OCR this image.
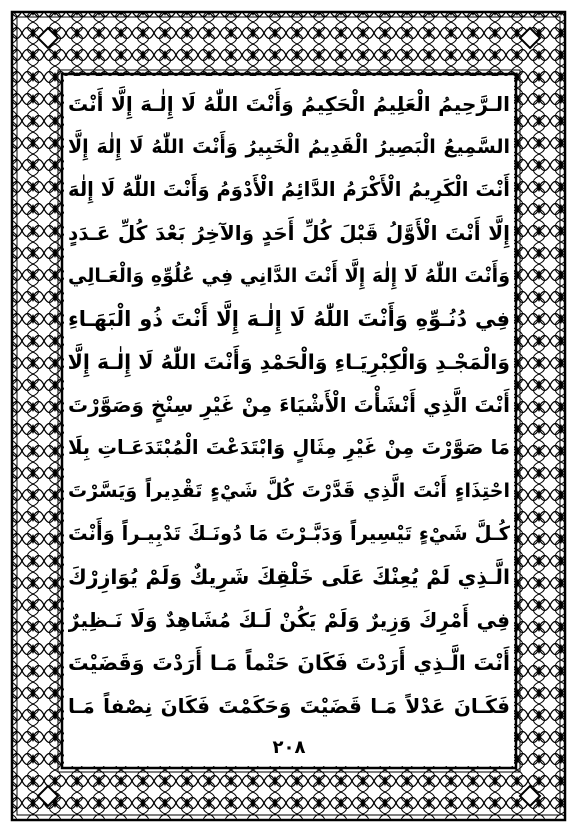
الـرَّحِيمُ الْعَلِيمُ الْحَكِيمُ وَأَنْتَ اللّٰهُ لَا إِلٰـهَ إِلَّا أَنْتَ
السَّمِيعُ الْبَصِيرُ الْقَدِيمُ الْخَبِيرُ وَأَنْتَ اللّٰهُ لَا إِلٰهَ إِلَّا
أَنْتَ الْكَرِيمُ الْأَكْرَمُ الدَّائِمُ الْأَدْوَمُ وَأَنْتَ اللّٰهُ لَا إِلٰهَ
إِلَّا أَنْتَ الْأَوَّلُ قَبْلَ كُلِّ أَحَدٍ وَالآخِرُ بَعْدَ كُلِّ عَـدَدٍ
وَأَنْتَ اللّٰهُ لَا إِلٰهَ إِلَّا أَنْتَ الدَّانِي فِي عُلُوِّهِ وَالْعَـالِي
فِي دُنُـوِّهِ وَأَنْتَ اللّٰهُ لَا إِلٰـهَ إِلَّا أَنْتَ ذُو الْبَهَـاءِ
وَالْمَجْـدِ وَالْكِبْرِيَـاءِ وَالْحَمْدِ وَأَنْتَ اللّٰهُ لَا إِلٰـهَ إِلَّا
أَنْتَ الَّذِي أَنْشَأْتَ الْأَشْيَاءَ مِنْ غَيْرِ سِنْخٍ وَصَوَّرْتَ
مَا صَوَّرْتَ مِنْ غَيْرِ مِثَالٍ وَابْتَدَعْتَ الْمُبْتَدَعَـاتِ بِلَا
احْتِذَاءٍ أَنْتَ الَّذِي قَدَّرْتَ كُلَّ شَيْءٍ تَقْدِيراً وَيَسَّرْتَ
كُـلَّ شَيْءٍ تَيْسِيراً وَدَبَّـرْتَ مَا دُونَـكَ تَدْبِيـراً وَأَنْتَ
الَّـذِي لَمْ يُعِنْكَ عَلَى خَلْقِكَ شَرِيكٌ وَلَمْ يُوَازِرْكَ
فِي أَمْرِكَ وَزِيرٌ وَلَمْ يَكُنْ لَـكَ مُشَاهِدٌ وَلَا نَـظِيرٌ
أَنْتَ الَّـذِي أَرَدْتَ فَكَانَ حَتْماً مَـا أَرَدْتَ وَقَضَيْتَ
فَكَـانَ عَدْلاً مَـا قَضَيْتَ وَحَكَمْتَ فَكَانَ نِصْفاً مَـا
٢٠٨
